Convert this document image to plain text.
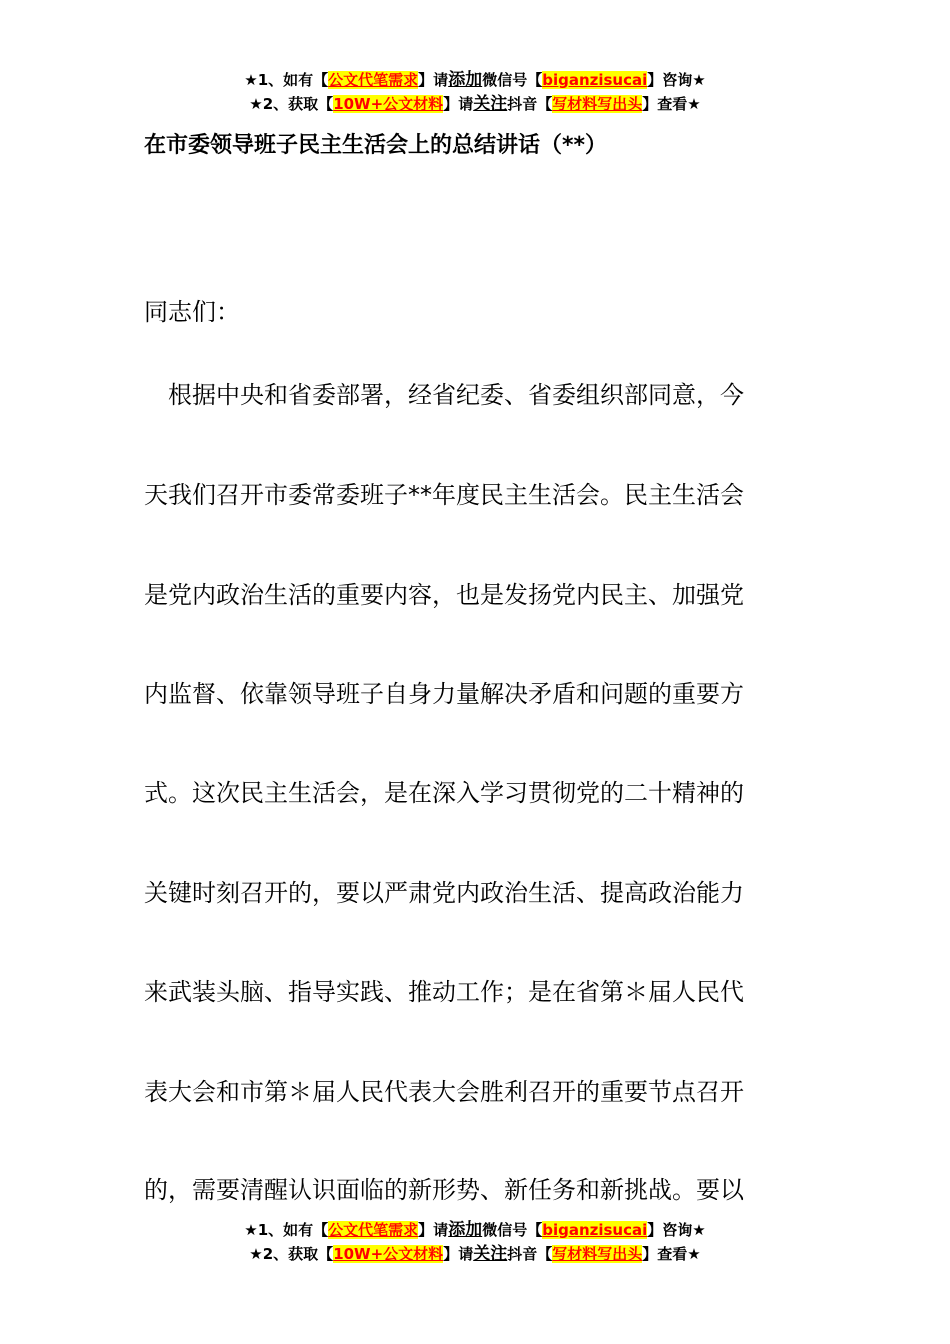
★1、如有【公文代笔需求】请添加微信号【biganzisucai】咨询★
★2、获取【10W+公文材料】请关注抖音【写材料写出头】查看★
在市委领导班子民主生活会上的总结讲话（**）
同志们：
　根据中央和省委部署，经省纪委、省委组织部同意，今
天我们召开市委常委班子**年度民主生活会。民主生活会
是党内政治生活的重要内容，也是发扬党内民主、加强党
内监督、依靠领导班子自身力量解决矛盾和问题的重要方
式。这次民主生活会，是在深入学习贯彻党的二十精神的
关键时刻召开的，要以严肃党内政治生活、提高政治能力
来武装头脑、指导实践、推动工作；是在省第＊届人民代
表大会和市第＊届人民代表大会胜利召开的重要节点召开
的，需要清醒认识面临的新形势、新任务和新挑战。要以
★1、如有【公文代笔需求】请添加微信号【biganzisucai】咨询★
★2、获取【10W+公文材料】请关注抖音【写材料写出头】查看★
